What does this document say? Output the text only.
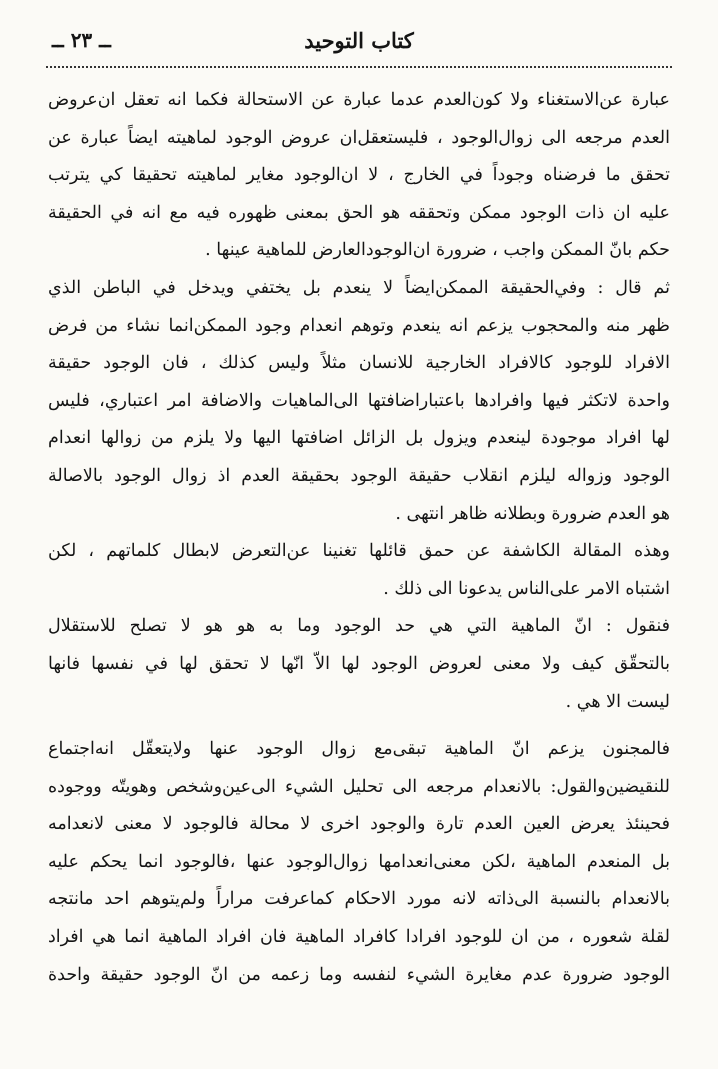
كتاب التوحيد
ــ ٢٣ ــ
عبارة عن‌الاستغناء ولا كون‌العدم عدما عبارة عن الاستحالة فكما انه تعقل ان‌عروض
العدم مرجعه الى زوال‌الوجود ، فليستعقل‌ان عروض الوجود لماهيته ايضاً عبارة عن
تحقق ما فرضناه وجوداً في الخارج ، لا ان‌الوجود مغاير لماهيته تحقيقا كي يترتب
عليه ان ذات الوجود ممكن وتحققه هو الحق بمعنى ظهوره فيه مع انه في الحقيقة
حكم بانّ الممكن واجب ، ضرورة ان‌الوجود‌العارض للماهية عينها .
ثم قال : وفي‌الحقيقة الممكن‌ايضاً لا ينعدم بل يختفي ويدخل في الباطن الذي
ظهر منه والمحجوب يزعم انه ينعدم وتوهم انعدام وجود الممكن‌انما نشاء من فرض
الافراد للوجود كالافراد الخارجية للانسان مثلاً وليس كذلك ، فان الوجود حقيقة
واحدة لاتكثر فيها وافرادها باعتبار‌اضافتها الى‌الماهيات والاضافة امر اعتباري، فليس
لها افراد موجودة لينعدم ويزول بل الزائل اضافتها اليها ولا يلزم من زوالها انعدام
الوجود وزواله ليلزم انقلاب حقيقة الوجود بحقيقة العدم اذ زوال الوجود بالاصالة
هو العدم ضرورة وبطلانه ظاهر انتهى .
وهذه المقالة الكاشفة عن حمق قائلها تغنينا عن‌التعرض لابطال كلماتهم ، لكن
اشتباه الامر على‌الناس يدعونا الى ذلك .
فنقول : انّ الماهية التي هي حد الوجود وما به هو هو لا تصلح للاستقلال
بالتحقّق كيف ولا معنى لعروض الوجود لها الاّ انّها لا تحقق لها في نفسها فانها
ليست الا هي .
فالمجنون يزعم انّ الماهية تبقى‌مع زوال الوجود عنها ولايتعقّل انه‌اجتماع
للنقيضين‌والقول: بالانعدام مرجعه الى تحليل الشيء الى‌عين‌وشخص وهويتّه ووجوده
فحينئذ يعرض العين العدم تارة والوجود اخرى لا محالة فالوجود لا معنى لانعدامه
بل المنعدم الماهية ،لكن معنى‌انعدامها زوال‌الوجود عنها ،فالوجود انما يحكم عليه
بالانعدام بالنسبة الى‌ذاته لانه مورد الاحكام كما‌عرفت مراراً ولم‌يتوهم احد مانتجه
لقلة شعوره ، من ان للوجود افرادا كافراد الماهية فان افراد الماهية انما هي افراد
الوجود ضرورة عدم مغايرة الشيء لنفسه وما زعمه من انّ الوجود حقيقة واحدة
